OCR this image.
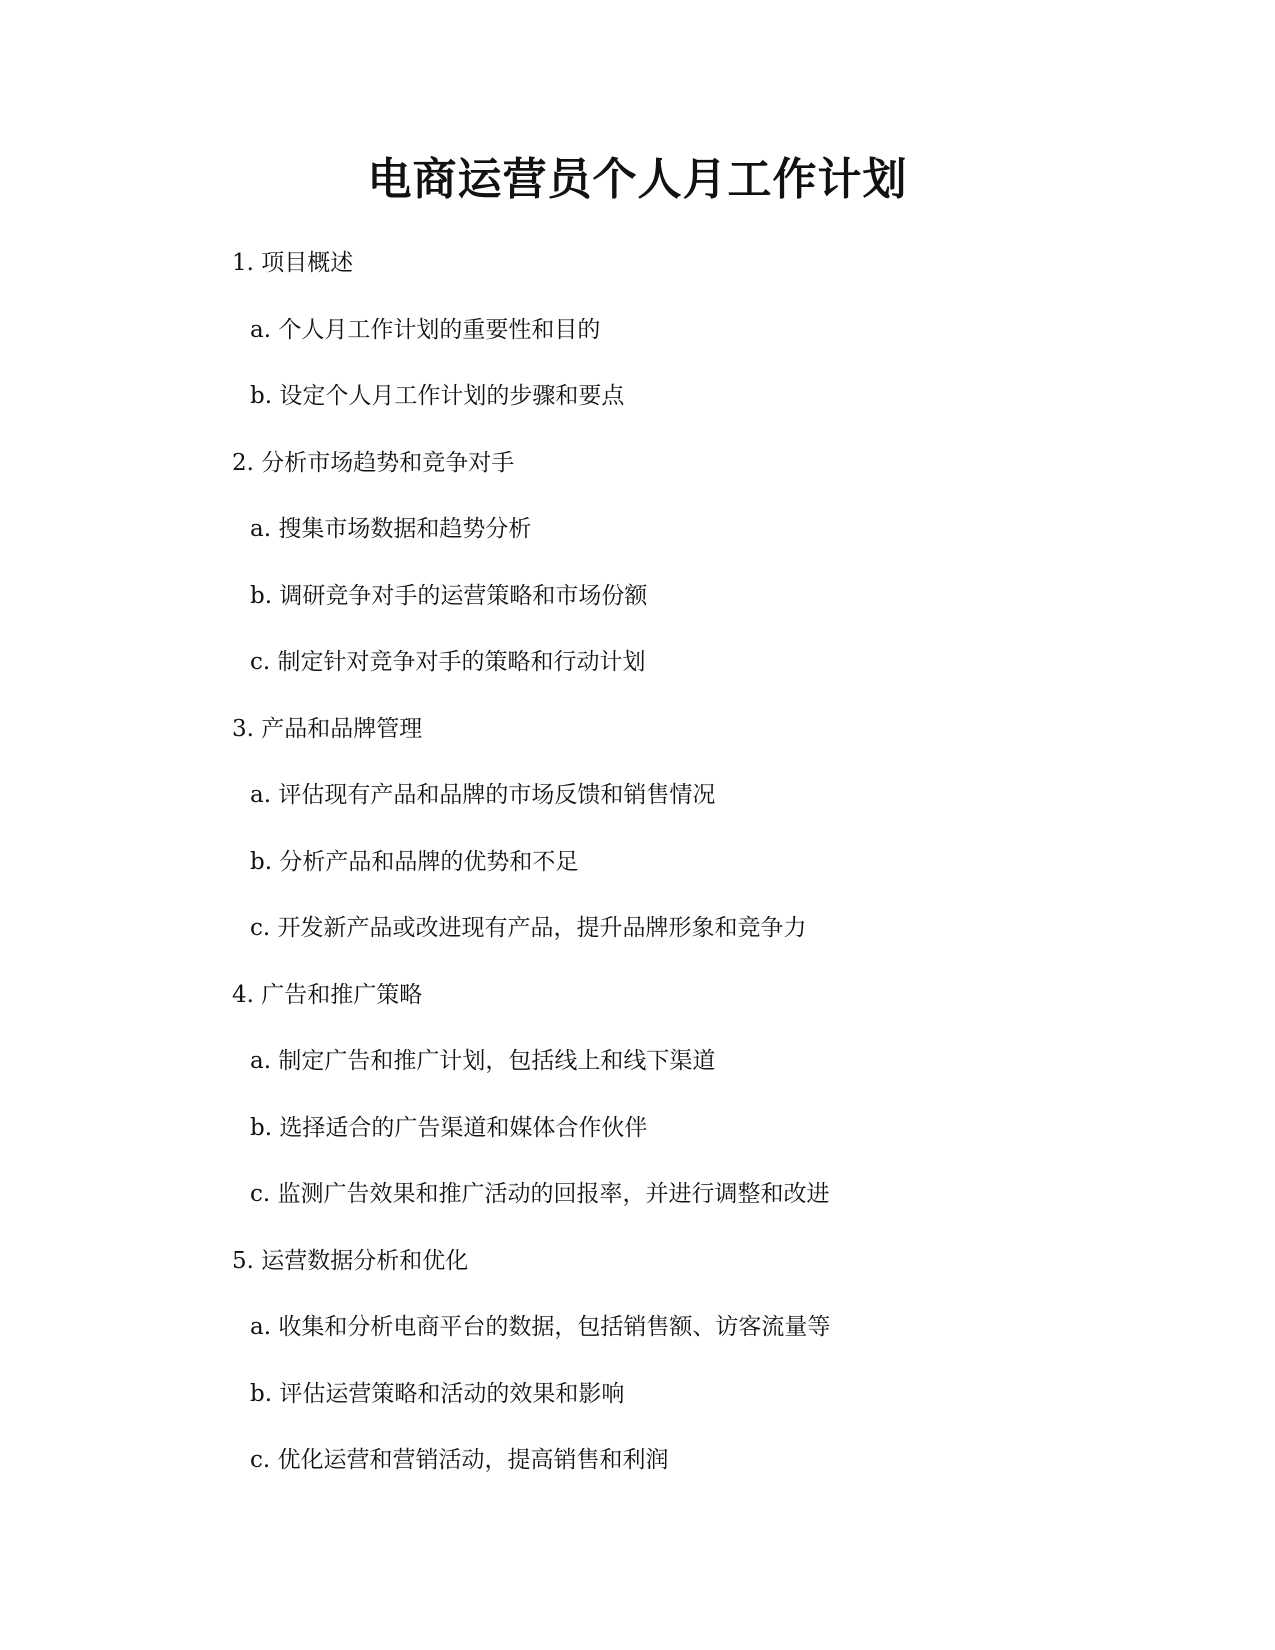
电商运营员个人月工作计划
1. 项目概述
a. 个人月工作计划的重要性和目的
b. 设定个人月工作计划的步骤和要点
2. 分析市场趋势和竞争对手
a. 搜集市场数据和趋势分析
b. 调研竞争对手的运营策略和市场份额
c. 制定针对竞争对手的策略和行动计划
3. 产品和品牌管理
a. 评估现有产品和品牌的市场反馈和销售情况
b. 分析产品和品牌的优势和不足
c. 开发新产品或改进现有产品，提升品牌形象和竞争力
4. 广告和推广策略
a. 制定广告和推广计划，包括线上和线下渠道
b. 选择适合的广告渠道和媒体合作伙伴
c. 监测广告效果和推广活动的回报率，并进行调整和改进
5. 运营数据分析和优化
a. 收集和分析电商平台的数据，包括销售额、访客流量等
b. 评估运营策略和活动的效果和影响
c. 优化运营和营销活动，提高销售和利润
